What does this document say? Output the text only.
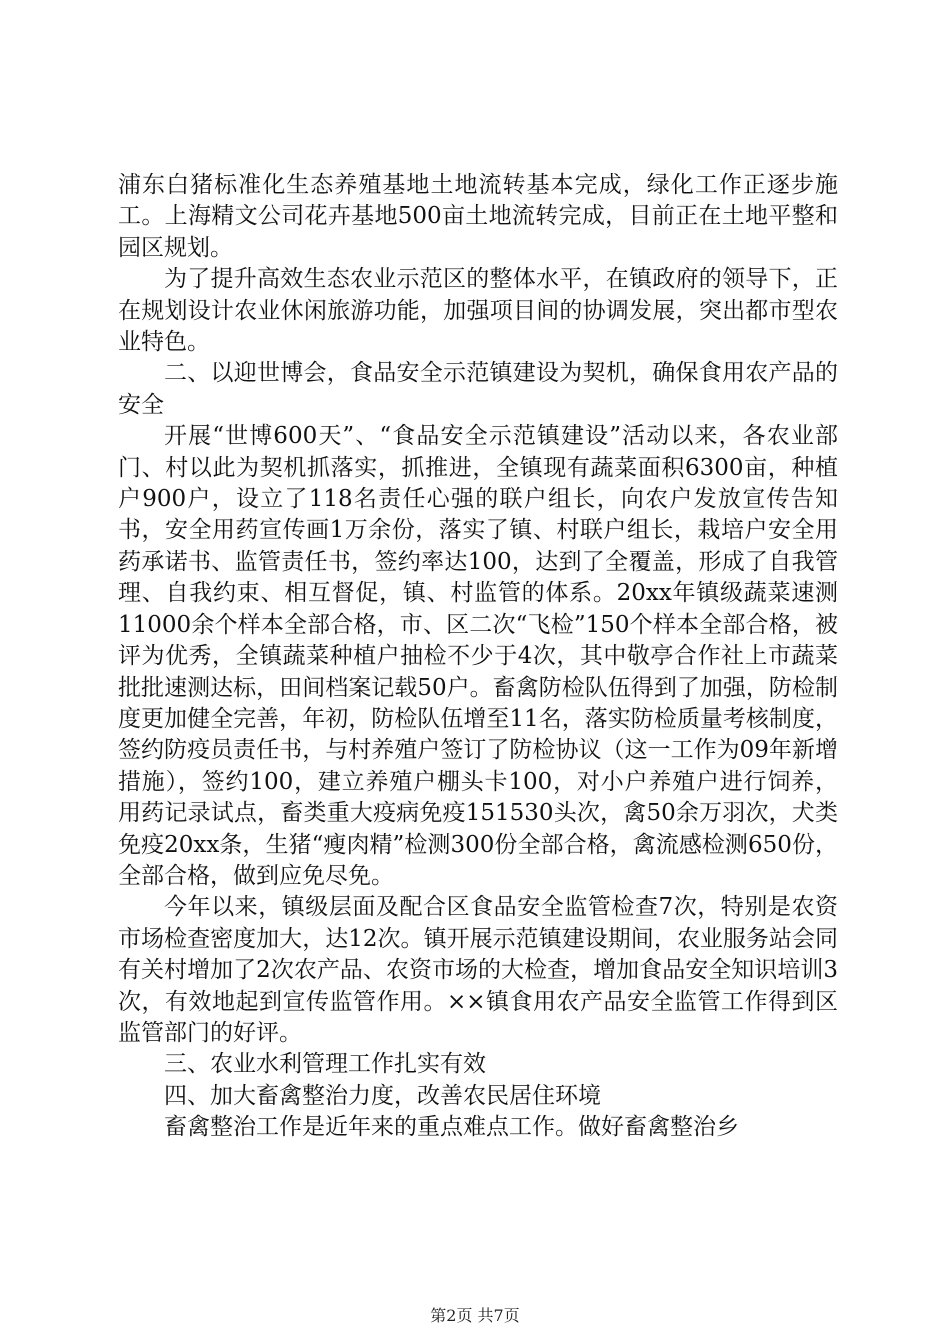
浦东白猪标准化生态养殖基地土地流转基本完成，绿化工作正逐步施工。上海精文公司花卉基地500亩土地流转完成，目前正在土地平整和园区规划。

为了提升高效生态农业示范区的整体水平，在镇政府的领导下，正在规划设计农业休闲旅游功能，加强项目间的协调发展，突出都市型农业特色。

二、以迎世博会，食品安全示范镇建设为契机，确保食用农产品的安全

开展“世博600天”、“食品安全示范镇建设”活动以来，各农业部门、村以此为契机抓落实，抓推进，全镇现有蔬菜面积6300亩，种植户900户，设立了118名责任心强的联户组长，向农户发放宣传告知书，安全用药宣传画1万余份，落实了镇、村联户组长，栽培户安全用药承诺书、监管责任书，签约率达100，达到了全覆盖，形成了自我管理、自我约束、相互督促，镇、村监管的体系。20xx年镇级蔬菜速测11000余个样本全部合格，市、区二次“飞检”150个样本全部合格，被评为优秀，全镇蔬菜种植户抽检不少于4次，其中敬亭合作社上市蔬菜批批速测达标，田间档案记载50户。畜禽防检队伍得到了加强，防检制度更加健全完善，年初，防检队伍增至11名，落实防检质量考核制度，签约防疫员责任书，与村养殖户签订了防检协议（这一工作为09年新增措施），签约100，建立养殖户棚头卡100，对小户养殖户进行饲养，用药记录试点，畜类重大疫病免疫151530头次，禽50余万羽次，犬类免疫20xx条，生猪“瘦肉精”检测300份全部合格，禽流感检测650份，全部合格，做到应免尽免。

今年以来，镇级层面及配合区食品安全监管检查7次，特别是农资市场检查密度加大，达12次。镇开展示范镇建设期间，农业服务站会同有关村增加了2次农产品、农资市场的大检查，增加食品安全知识培训3次，有效地起到宣传监管作用。××镇食用农产品安全监管工作得到区监管部门的好评。

三、农业水利管理工作扎实有效

四、加大畜禽整治力度，改善农民居住环境

畜禽整治工作是近年来的重点难点工作。做好畜禽整治乡

第2页 共7页
